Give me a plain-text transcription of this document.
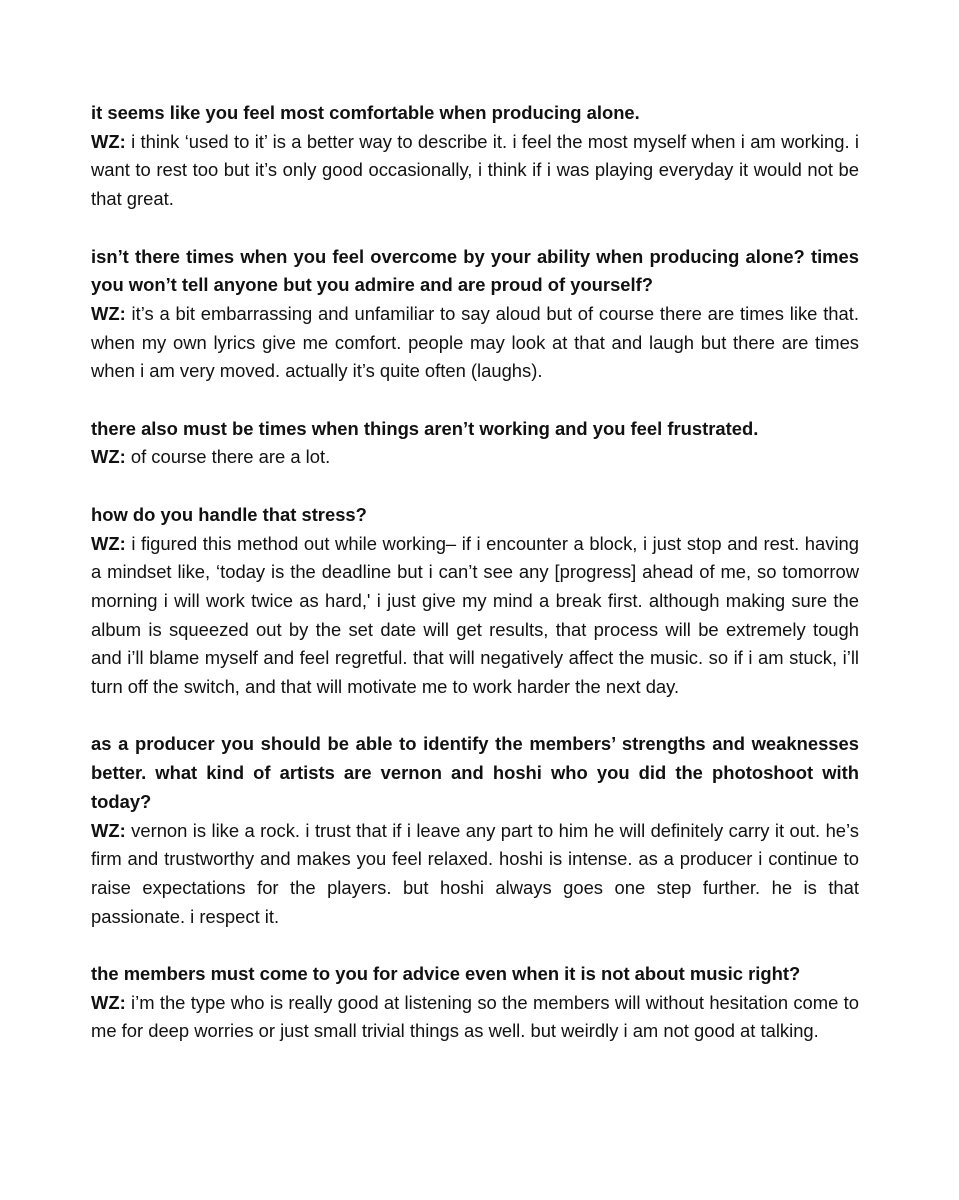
it seems like you feel most comfortable when producing alone.

WZ: i think ‘used to it’ is a better way to describe it. i feel the most myself when i am working. i want to rest too but it’s only good occasionally, i think if i was playing everyday it would not be that great.

isn’t there times when you feel overcome by your ability when producing alone? times you won’t tell anyone but you admire and are proud of yourself?

WZ: it’s a bit embarrassing and unfamiliar to say aloud but of course there are times like that. when my own lyrics give me comfort. people may look at that and laugh but there are times when i am very moved. actually it’s quite often (laughs).

there also must be times when things aren’t working and you feel frustrated.

WZ: of course there are a lot.

how do you handle that stress?

WZ: i figured this method out while working– if i encounter a block, i just stop and rest. having a mindset like, ‘today is the deadline but i can’t see any [progress] ahead of me, so tomorrow morning i will work twice as hard,' i just give my mind a break first. although making sure the album is squeezed out by the set date will get results, that process will be extremely tough and i’ll blame myself and feel regretful. that will negatively affect the music. so if i am stuck, i’ll turn off the switch, and that will motivate me to work harder the next day.

as a producer you should be able to identify the members’ strengths and weaknesses better. what kind of artists are vernon and hoshi who you did the photoshoot with today?

WZ: vernon is like a rock. i trust that if i leave any part to him he will definitely carry it out. he’s firm and trustworthy and makes you feel relaxed. hoshi is intense. as a producer i continue to raise expectations for the players. but hoshi always goes one step further. he is that passionate. i respect it.

the members must come to you for advice even when it is not about music right?

WZ: i’m the type who is really good at listening so the members will without hesitation come to me for deep worries or just small trivial things as well. but weirdly i am not good at talking.
